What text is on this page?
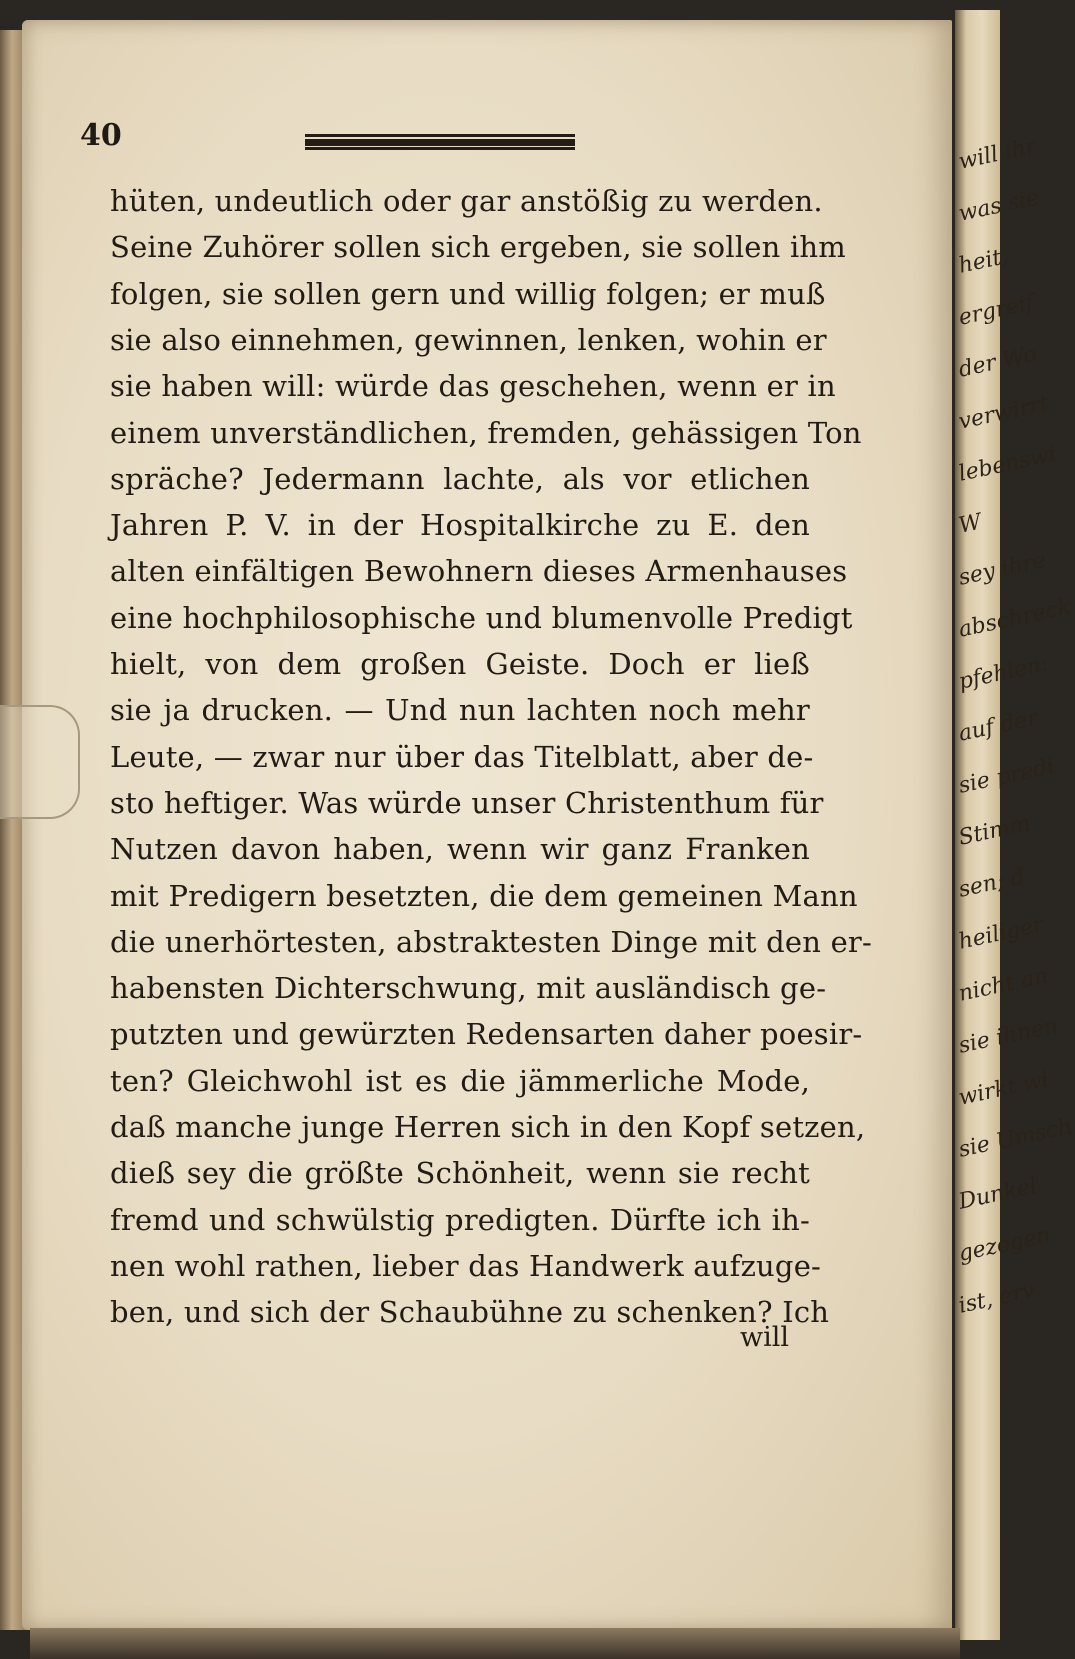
will ihr
was sie
heit,
ergreif
der Wo
verwirrt
lebenswi
W
sey ihre
abschreck
pfehlen:
auf der
sie predi
Stimm
sen; d
heiliger
nicht an
sie ihnen
wirkt wi
sie Umsch
Dunkel
gezogen
ist, erv
40
hüten, undeutlich oder gar anstößig zu werden.
Seine Zuhörer sollen sich ergeben, sie sollen ihm
folgen, sie sollen gern und willig folgen; er muß
sie also einnehmen, gewinnen, lenken, wohin er
sie haben will: würde das geschehen, wenn er in
einem unverständlichen, fremden, gehässigen Ton
spräche? Jedermann lachte, als vor etlichen
Jahren P. V. in der Hospitalkirche zu E. den
alten einfältigen Bewohnern dieses Armenhauses
eine hochphilosophische und blumenvolle Predigt
hielt, von dem großen Geiste. Doch er ließ
sie ja drucken. — Und nun lachten noch mehr
Leute, — zwar nur über das Titelblatt, aber de-
sto heftiger. Was würde unser Christenthum für
Nutzen davon haben, wenn wir ganz Franken
mit Predigern besetzten, die dem gemeinen Mann
die unerhörtesten, abstraktesten Dinge mit den er-
habensten Dichterschwung, mit ausländisch ge-
putzten und gewürzten Redensarten daher poesir-
ten? Gleichwohl ist es die jämmerliche Mode,
daß manche junge Herren sich in den Kopf setzen,
dieß sey die größte Schönheit, wenn sie recht
fremd und schwülstig predigten. Dürfte ich ih-
nen wohl rathen, lieber das Handwerk aufzuge-
ben, und sich der Schaubühne zu schenken? Ich
will
